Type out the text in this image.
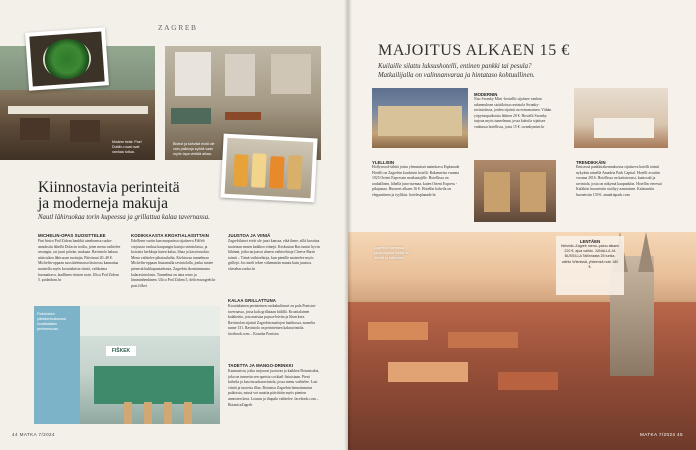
ZAGREB
Modern twist: Poel Dublin-ruoat ovat vanhaa tuttua.
Bistrot ja kahvilat eivät ole vain paikkoja syödä vaan myös tapa viettää aikaa.
Kiinnostavia perinteitä
ja moderneja makuja
Nautl lähiruokaa torin kupeessa ja grillattua kalaa tavernassa.
MICHELIN-OPAS SUOSITTELEE
Fini bistro Pod Zidom hankkii aineksensa ruoka-annoksiin lähellä Dolacin torilta, joten menu vaihtelee sesongin, tai juuri päivän, mukaan. Ravintola haluaa näin tukea lähiruoan tuottajia. Päiväruat 20–40 €. Michelin-oppaan suosittelemassa bistrossa kannattaa maistella myös kroatialaista viiniä, valikoima huomattava, laadlinen viinien noin. Ulica Pod Zidom 5. podzidom.hr
KODIKKAASTA KROATIALAISITTAIN
Edellisen vartin kun naapurissa sijaitseva Fiščeb varjostaa vanhaa kaupungin katuja ravintolassa, ja kotoisia herkkuja kuten kalaa, lihaa ja kasvisruokia. Menu vaihtelee pihatauluilta. Kiehtovaa tunnelmaa Michelin-oppaan listaamalla ravintolalla, jonka tuntee pienestä kukkapuutarhasta, Zagrebin ikonisimmasta kalaravintolasta. Tunnelma on aina rento ja lämminhenkinen. Ulica Pod Zidom 5, delicesszagreb.hr post.fičkei
JUUSTOA JA VIINIÄ
Zagrebilaiset eivät ole juuri kansaa, eikä ihme, sillä kroatiaa tuotetaan ennen kaikkea viinejä. Keskustan Bas tuntui hyvin lähinnä, jotka tarjoavat alueen vaihtoehtoja Cheese Barin toimii – Tämä vaihtoehtoja, kun pienille maistelee myös grillejä. Jos mieli tekee vähemmän muuta kuin juustoa. chesebar.zucha.hr
KALAA GRILLATTUNA
Kroatialainen perinteinen ruokakulttuuri on pala Ponistra-tavernassa, jossa kala grillataan hiilillä. Kroatialainen kalakeitto, jota maistaa pujaca-leivän ja lihan kera. Ravintolan sijainti Zagrebin maitojen laatikossa, monelta tunne 131. Ravintola on perinteinen kalaravintola. facebook.com – Konoba Ponistra
TADETTA JA MANGO-DRINKKI
Kaamasista, jotka tarjoavat juotavaa ja kaikkea Botanicaksi, joka on tunnettu sen upeista cocktail-listoistaan. Pieni kahvila ja kasvisruokaravintola, jossa menu vaihtelee. Lasi viiniä ja tuoretta illan. Botanica Zagrebin hienoimmista paikoista, missä voi nauttia päivittäin myös pienten annosten kera. Lounas ja iltapala vaihtelee. facebook.com – BotanicaZagreb
FIŠKEK
Fiskebaren ylärakennuksessa kroatialaisen perinneruoan.
44 MATKA 7/2024
MAJOITUS ALKAEN 15 €
Kuilaille silattu luksushotelli, entinen pankki tai pesula?
Matkailijalla on valinnanvaraa ja hintataso kohtuullinen.
MODERNIN
Nuo Swanky Mint -hostellit sijaitsee vanhan rakennuksen sisätiloissa ravintola Swanky-ravintolassa, joiden sijainti on erinomainen. Vähän yöpymispaikoista lähtien 20 €. Hostelli Swanky tarjoaa myös tunnelman, jossa kahvila sijaitsee vanhassa hotellissa, josta 15 €. swankymint.hr
YLELLISIN
Hollywood-tähtiä joista ylemmässä mainittava Esplanade Hotelli on Zagrebin kuuluisin hotelli. Rakennettu vuonna 1925 Orient Expressin matkustajille. Hotellissa on rauhallinen, lähellä juna-asemaa, kuten Orient Express -pikajunaa. Huoneet alkaen 16 €. Hotellin kahvila on eleganttinen ja tyylikäs. hotelesplanade.hr
TRENDIKKÄIN
Entisessä pankkirakennuksessa sijaitseva hotelli toimii nykyään nimellä Amadria Park Capital. Hotelli avattiin vuonna 2016. Hotellissa on kattoterassi, kuntosali ja ravintola, josta on näkymä kaupunkiin. Hotellin vieressä Kaikkiin huoneisiin sisältyy aamiainen. Kalatuntiin huoneisiin 139 €. amadriapark.com
Zagrebin vanhassa kaupungissa kaikki on lähellä ja kätevästi.
LENTÄEN
Helsinki–Zagreb meno–paluu alkaen 220 €, ajoa vaihto. JUNALLA JA BUSSILLA Tallinnasta 25 tuntia, vaihto Wienissä, yhteensä noin 180 €.
MATKA 7/2024 45
